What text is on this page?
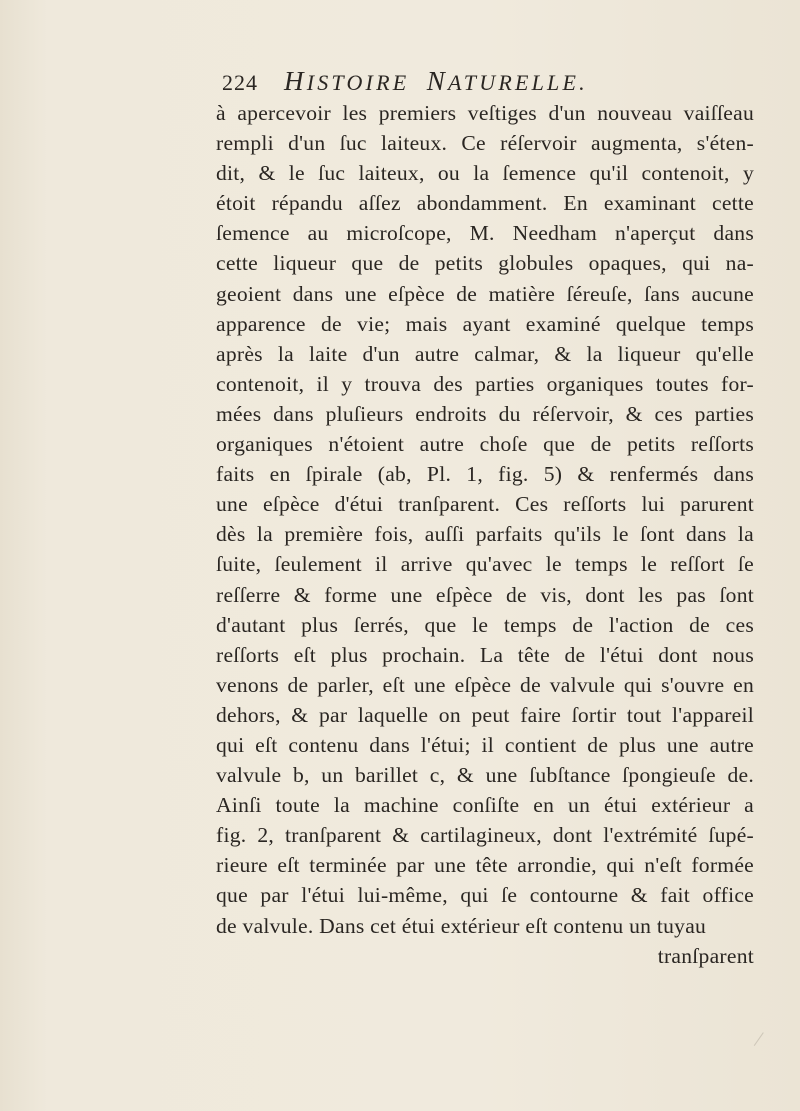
224 HISTOIRE NATURELLE.
à apercevoir les premiers veſtiges d'un nouveau vaiſſeau
rempli d'un ſuc laiteux. Ce réſervoir augmenta, s'éten-
dit, & le ſuc laiteux, ou la ſemence qu'il contenoit, y
étoit répandu aſſez abondamment. En examinant cette
ſemence au microſcope, M. Needham n'aperçut dans
cette liqueur que de petits globules opaques, qui na-
geoient dans une eſpèce de matière ſéreuſe, ſans aucune
apparence de vie; mais ayant examiné quelque temps
après la laite d'un autre calmar, & la liqueur qu'elle
contenoit, il y trouva des parties organiques toutes for-
mées dans pluſieurs endroits du réſervoir, & ces parties
organiques n'étoient autre choſe que de petits reſſorts
faits en ſpirale (ab, Pl. 1, fig. 5) & renfermés dans
une eſpèce d'étui tranſparent. Ces reſſorts lui parurent
dès la première fois, auſſi parfaits qu'ils le ſont dans la
ſuite, ſeulement il arrive qu'avec le temps le reſſort ſe
reſſerre & forme une eſpèce de vis, dont les pas ſont
d'autant plus ſerrés, que le temps de l'action de ces
reſſorts eſt plus prochain. La tête de l'étui dont nous
venons de parler, eſt une eſpèce de valvule qui s'ouvre en
dehors, & par laquelle on peut faire ſortir tout l'appareil
qui eſt contenu dans l'étui; il contient de plus une autre
valvule b, un barillet c, & une ſubſtance ſpongieuſe de.
Ainſi toute la machine conſiſte en un étui extérieur a
fig. 2, tranſparent & cartilagineux, dont l'extrémité ſupé-
rieure eſt terminée par une tête arrondie, qui n'eſt formée
que par l'étui lui-même, qui ſe contourne & fait office
de valvule. Dans cet étui extérieur eſt contenu un tuyau
tranſparent
